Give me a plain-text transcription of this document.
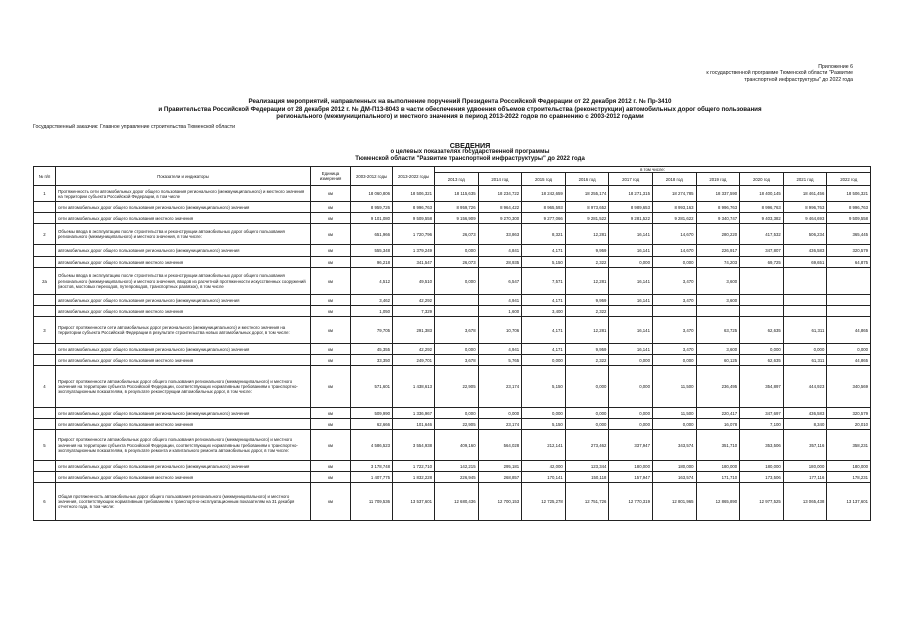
Приложение 6
к государственной программе Тюменской области "Развитие
транспортной инфраструктуры" до 2022 года
Реализация мероприятий, направленных на выполнение поручений Президента Российской Федерации от 22 декабря 2012 г. № Пр-3410
и Правительства Российской Федерации от 28 декабря 2012 г. № ДМ-П13-8043 в части обеспечения удвоения объемов строительства (реконструкции) автомобильных дорог общего пользования
регионального (межмуниципального) и местного значения в период 2013-2022 годов по сравнению с 2003-2012 годами
Государственный заказчик: Главное управление строительства Тюменской области
СВЕДЕНИЯ
о целевых показателях государственной программы
Тюменской области "Развитие транспортной инфраструктуры" до 2022 года
№ п/п	Показатели и индикаторы	Единица измерения	2003-2012 годы	2013-2022 годы	в том числе:									
					2013 год	2014 год	2015 год	2016 год	2017 год	2018 год	2019 год	2020 год	2021 год	2022 год
1	Протяженность сети автомобильных дорог общего пользования регионального (межмуниципального) и местного значения на территории субъекта Российской Федерации, в том числе	км	18 060,806	18 506,321	18 115,635	18 234,722	18 242,659	18 255,174	18 271,315	18 274,785	18 337,590	18 400,145	18 461,456	18 506,321
	сети автомобильных дорог общего пользования регионального (межмуниципального) значения	км	8 959,726	8 996,763	8 959,726	8 964,422	8 965,593	8 973,652	8 989,653	8 993,163	8 996,763	8 996,763	8 996,763	8 996,763
	сети автомобильных дорог общего пользования местного значения	км	9 101,080	9 509,558	9 156,909	9 270,300	9 277,066	9 281,522	9 281,522	9 281,622	9 340,747	9 403,382	9 464,693	9 509,558
2	Объемы ввода в эксплуатацию после строительства и реконструкции автомобильных дорог общего пользования регионального (межмуниципального) и местного значения, в том числе:	км	651,966	1 720,796	26,073	33,863	8,321	12,281	16,141	14,670	280,220	417,532	506,234	365,445
	автомобильных дорог общего пользования регионального (межмуниципального) значения	км	555,348	1 379,249	0,000	4,841	4,171	9,959	16,141	14,670	226,917	347,807	436,583	320,579
	автомобильных дорог общего пользования местного значения	км	96,218	341,547	26,073	28,935	5,150	2,322	0,000	0,000	74,203	69,725	69,651	64,875
2а	Объемы ввода в эксплуатацию после строительства и реконструкции автомобильных дорог общего пользования регионального (межмуниципального) и местного значения, вводов из расчетной протяженности искусственных сооружений (мостов, мостовых переходов, путепроводов, транспортных развязок), в том числе	км	4,512	49,510	0,000	6,547	7,571	12,281	16,141	3,470	3,600			
	автомобильных дорог общего пользования регионального (межмуниципального) значения	км	3,462	42,292		4,941	4,171	9,959	16,141	3,470	3,600			
	автомобильных дорог общего пользования местного значения	км	1,050	7,329		1,600	3,400	2,322						
3	Прирост протяженности сети автомобильных дорог регионального (межмуниципального) и местного значения на территории субъекта Российской Федерации в результате строительства новых автомобильных дорог, в том числе:	км	79,705	291,383	3,678	10,706	4,171	12,281	16,141	3,470	63,725	62,635	61,311	44,865
	сети автомобильных дорог общего пользования регионального (межмуниципального) значения	км	45,355	42,292	0,000	4,941	4,171	9,959	16,141	3,470	3,600	0,000	0,000	0,000
	сети автомобильных дорог общего пользования местного значения	км	33,350	249,701	3,678	5,765	0,000	2,322	0,000	0,000	60,125	62,635	61,311	44,865
4	Прирост протяженности автомобильных дорог общего пользования регионального (межмуниципального) и местного значения на территории субъекта Российской Федерации, соответствующих нормативным требованиям к транспортно-эксплуатационным показателям, в результате реконструкции автомобильных дорог, в том числе:	км	571,601	1 438,613	22,905	23,174	5,150	0,000	0,000	11,500	236,495	354,897	444,923	340,569
	сети автомобильных дорог общего пользования регионального (межмуниципального) значения	км	509,990	1 336,967	0,000	0,000	0,000	0,000	0,000	11,500	220,417	347,697	436,583	320,579
	сети автомобильных дорог общего пользования местного значения	км	62,666	101,646	22,905	23,174	5,150	0,000	0,000	0,000	16,078	7,100	8,340	20,010
5	Прирост протяженности автомобильных дорог общего пользования регионального (межмуниципального) и местного значения на территории субъекта Российской Федерации, соответствующих нормативным требованиям к транспортно-эксплуатационным показателям, в результате ремонта и капитального ремонта автомобильных дорог, в том числе:	км	4 586,523	3 554,938	409,160	564,028	212,141	273,462	337,947	343,574	351,710	353,506	357,116	358,231
	сети автомобильных дорог общего пользования регионального (межмуниципального) значения	км	3 178,748	1 722,710	142,215	295,181	42,000	123,344	180,000	180,000	180,000	180,000	180,000	180,000
	сети автомобильных дорог общего пользования местного значения	км	1 407,775	1 832,228	226,945	268,857	170,141	150,118	157,947	163,574	171,710	173,506	177,116	178,231
6	Общая протяженность автомобильных дорог общего пользования регионального (межмуниципального) и местного значения, соответствующих нормативным требованиям к транспортно-эксплуатационным показателям на 31 декабря отчетного года, в том числе:	км	11 709,536	13 537,601	12 680,436	12 700,153	12 725,278	12 751,726	12 770,319	12 801,965	12 865,890	12 977,525	13 065,438	13 137,601
